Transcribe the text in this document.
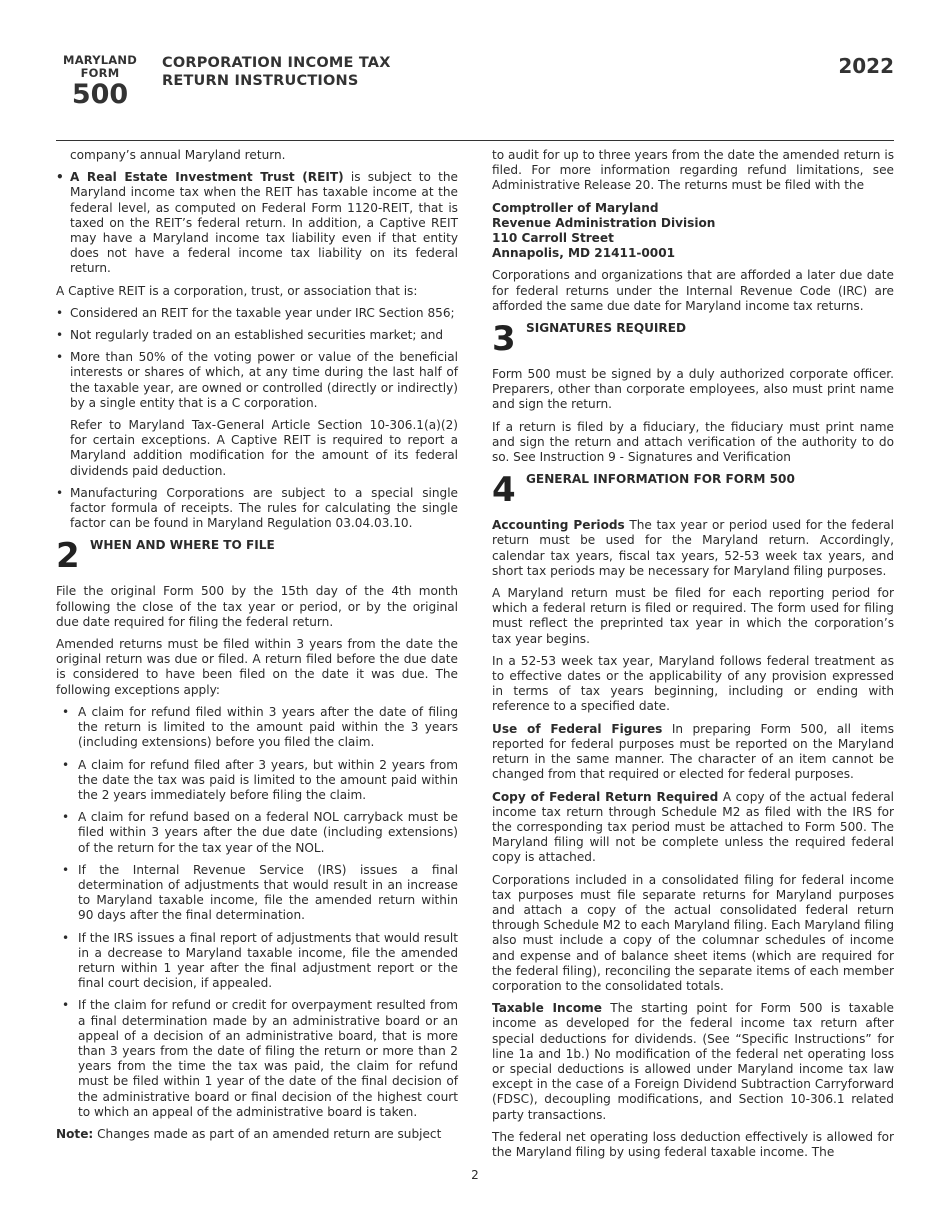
MARYLAND
FORM
500
CORPORATION INCOME TAX
RETURN INSTRUCTIONS
2022

company’s annual Maryland return.

• A Real Estate Investment Trust (REIT) is subject to the Maryland income tax when the REIT has taxable income at the federal level, as computed on Federal Form 1120-REIT, that is taxed on the REIT’s federal return. In addition, a Captive REIT may have a Maryland income tax liability even if that entity does not have a federal income tax liability on its federal return.

A Captive REIT is a corporation, trust, or association that is:

• Considered an REIT for the taxable year under IRC Section 856;
• Not regularly traded on an established securities market; and
• More than 50% of the voting power or value of the beneficial interests or shares of which, at any time during the last half of the taxable year, are owned or controlled (directly or indirectly) by a single entity that is a C corporation.

Refer to Maryland Tax-General Article Section 10-306.1(a)(2) for certain exceptions. A Captive REIT is required to report a Maryland addition modification for the amount of its federal dividends paid deduction.

• Manufacturing Corporations are subject to a special single factor formula of receipts. The rules for calculating the single factor can be found in Maryland Regulation 03.04.03.10.
2 WHEN AND WHERE TO FILE

File the original Form 500 by the 15th day of the 4th month following the close of the tax year or period, or by the original due date required for filing the federal return.

Amended returns must be filed within 3 years from the date the original return was due or filed. A return filed before the due date is considered to have been filed on the date it was due. The following exceptions apply:

• A claim for refund filed within 3 years after the date of filing the return is limited to the amount paid within the 3 years (including extensions) before you filed the claim.
• A claim for refund filed after 3 years, but within 2 years from the date the tax was paid is limited to the amount paid within the 2 years immediately before filing the claim.
• A claim for refund based on a federal NOL carryback must be filed within 3 years after the due date (including extensions) of the return for the tax year of the NOL.
• If the Internal Revenue Service (IRS) issues a final determination of adjustments that would result in an increase to Maryland taxable income, file the amended return within 90 days after the final determination.
• If the IRS issues a final report of adjustments that would result in a decrease to Maryland taxable income, file the amended return within 1 year after the final adjustment report or the final court decision, if appealed.
• If the claim for refund or credit for overpayment resulted from a final determination made by an administrative board or an appeal of a decision of an administrative board, that is more than 3 years from the date of filing the return or more than 2 years from the time the tax was paid, the claim for refund must be filed within 1 year of the date of the final decision of the administrative board or final decision of the highest court to which an appeal of the administrative board is taken.

Note: Changes made as part of an amended return are subject

to audit for up to three years from the date the amended return is filed. For more information regarding refund limitations, see Administrative Release 20. The returns must be filed with the

Comptroller of Maryland
Revenue Administration Division
110 Carroll Street
Annapolis, MD 21411-0001

Corporations and organizations that are afforded a later due date for federal returns under the Internal Revenue Code (IRC) are afforded the same due date for Maryland income tax returns.

3 SIGNATURES REQUIRED

Form 500 must be signed by a duly authorized corporate officer. Preparers, other than corporate employees, also must print name and sign the return.

If a return is filed by a fiduciary, the fiduciary must print name and sign the return and attach verification of the authority to do so. See Instruction 9 - Signatures and Verification

4 GENERAL INFORMATION FOR FORM 500

Accounting Periods The tax year or period used for the federal return must be used for the Maryland return. Accordingly, calendar tax years, fiscal tax years, 52-53 week tax years, and short tax periods may be necessary for Maryland filing purposes.

A Maryland return must be filed for each reporting period for which a federal return is filed or required. The form used for filing must reflect the preprinted tax year in which the corporation’s tax year begins.

In a 52-53 week tax year, Maryland follows federal treatment as to effective dates or the applicability of any provision expressed in terms of tax years beginning, including or ending with reference to a specified date.

Use of Federal Figures In preparing Form 500, all items reported for federal purposes must be reported on the Maryland return in the same manner. The character of an item cannot be changed from that required or elected for federal purposes.

Copy of Federal Return Required A copy of the actual federal income tax return through Schedule M2 as filed with the IRS for the corresponding tax period must be attached to Form 500. The Maryland filing will not be complete unless the required federal copy is attached.

Corporations included in a consolidated filing for federal income tax purposes must file separate returns for Maryland purposes and attach a copy of the actual consolidated federal return through Schedule M2 to each Maryland filing. Each Maryland filing also must include a copy of the columnar schedules of income and expense and of balance sheet items (which are required for the federal filing), reconciling the separate items of each member corporation to the consolidated totals.

Taxable Income The starting point for Form 500 is taxable income as developed for the federal income tax return after special deductions for dividends. (See “Specific Instructions” for line 1a and 1b.) No modification of the federal net operating loss or special deductions is allowed under Maryland income tax law except in the case of a Foreign Dividend Subtraction Carryforward (FDSC), decoupling modifications, and Section 10-306.1 related party transactions.

The federal net operating loss deduction effectively is allowed for the Maryland filing by using federal taxable income. The

2
